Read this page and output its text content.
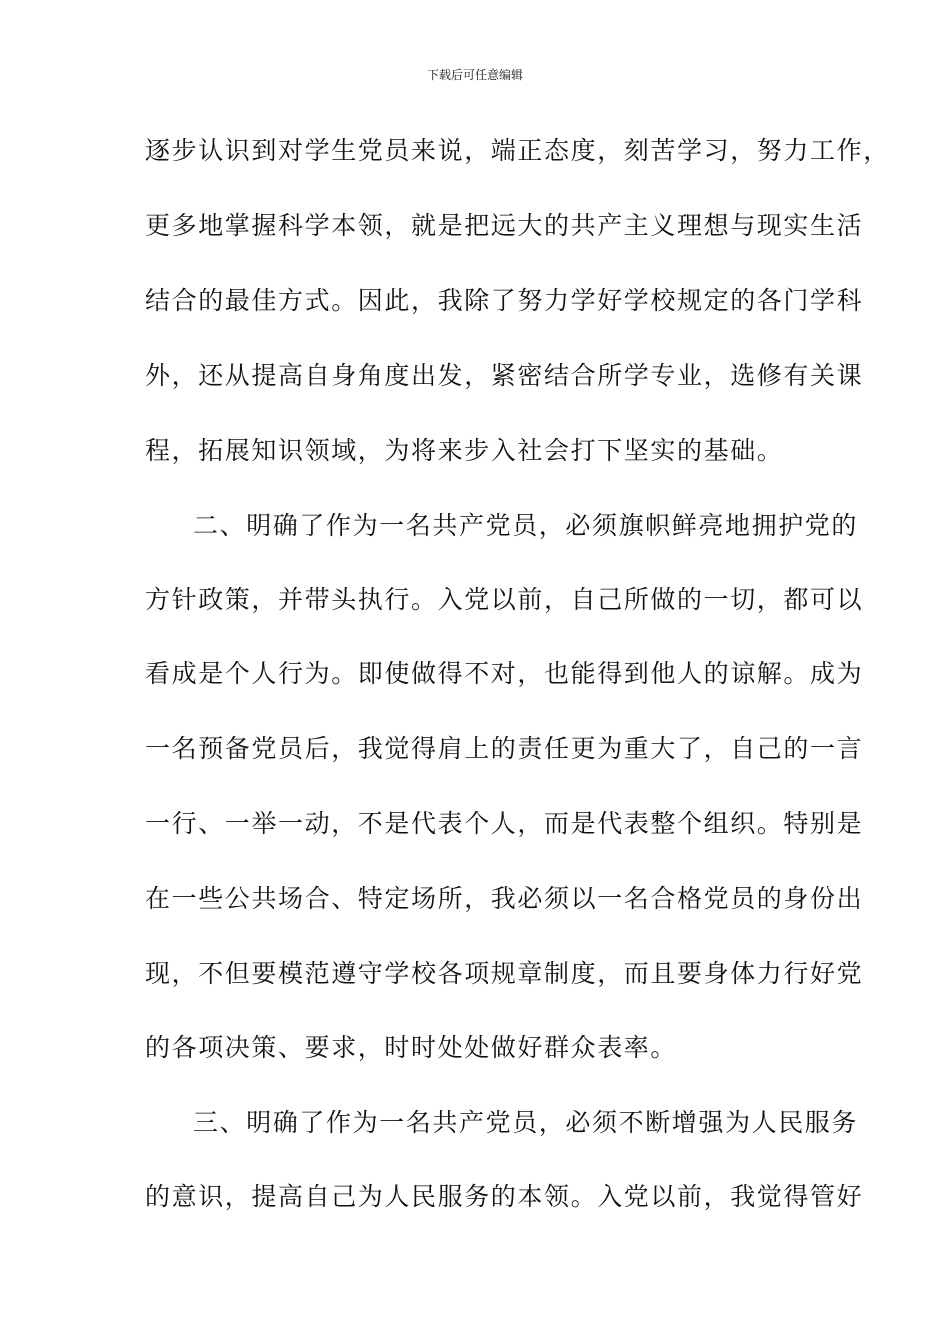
下载后可任意编辑
逐步认识到对学生党员来说，端正态度，刻苦学习，努力工作，
更多地掌握科学本领，就是把远大的共产主义理想与现实生活
结合的最佳方式。因此，我除了努力学好学校规定的各门学科
外，还从提高自身角度出发，紧密结合所学专业，选修有关课
程，拓展知识领域，为将来步入社会打下坚实的基础。
二、明确了作为一名共产党员，必须旗帜鲜亮地拥护党的
方针政策，并带头执行。入党以前，自己所做的一切，都可以
看成是个人行为。即使做得不对，也能得到他人的谅解。成为
一名预备党员后，我觉得肩上的责任更为重大了，自己的一言
一行、一举一动，不是代表个人，而是代表整个组织。特别是
在一些公共场合、特定场所，我必须以一名合格党员的身份出
现，不但要模范遵守学校各项规章制度，而且要身体力行好党
的各项决策、要求，时时处处做好群众表率。
三、明确了作为一名共产党员，必须不断增强为人民服务
的意识，提高自己为人民服务的本领。入党以前，我觉得管好
